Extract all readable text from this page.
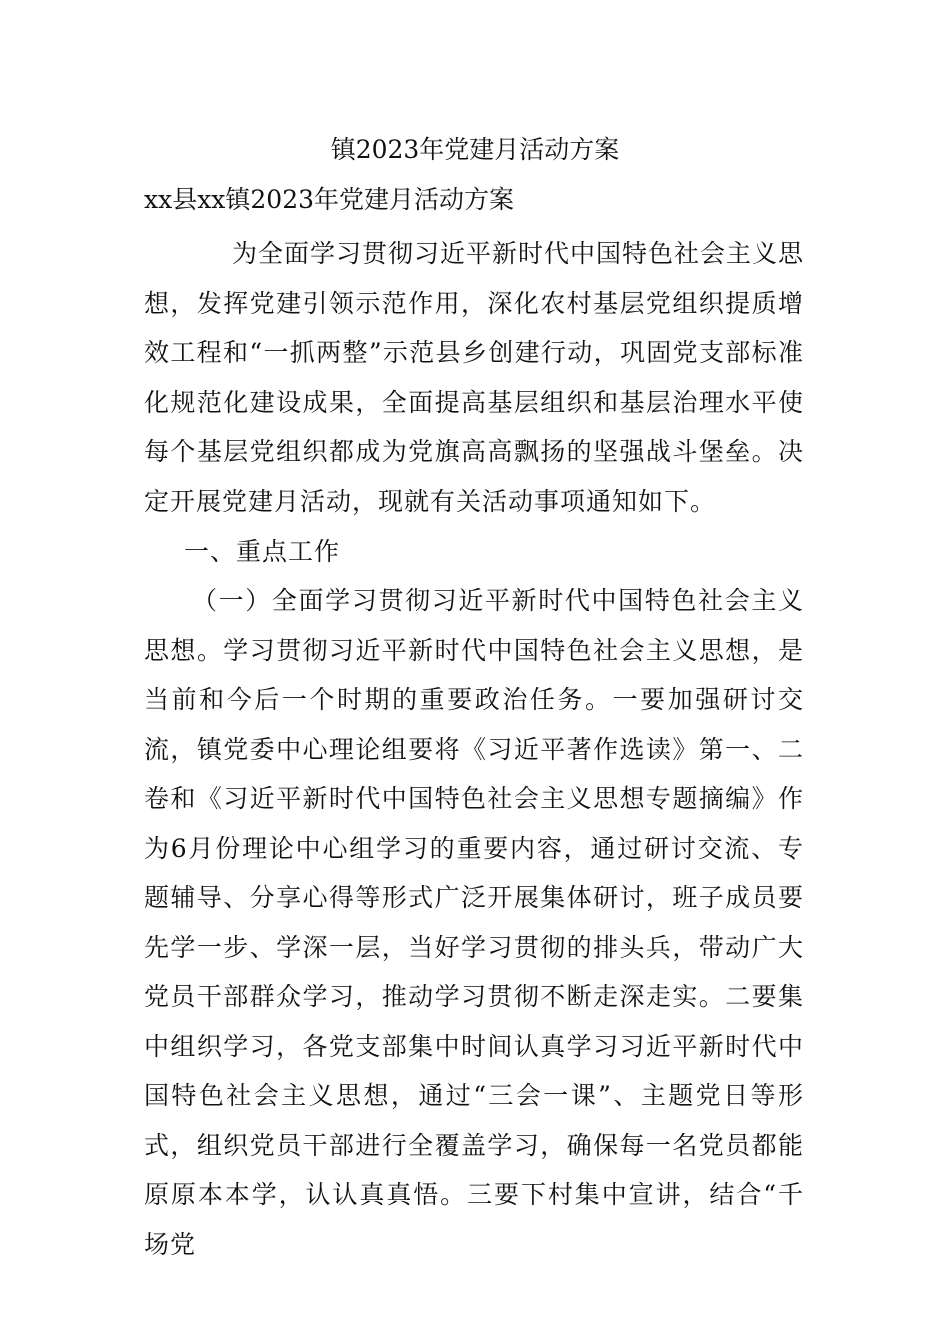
镇2023年党建月活动方案
xx县xx镇2023年党建月活动方案

为全面学习贯彻习近平新时代中国特色社会主义思想，发挥党建引领示范作用，深化农村基层党组织提质增效工程和“一抓两整”示范县乡创建行动，巩固党支部标准化规范化建设成果，全面提高基层组织和基层治理水平使每个基层党组织都成为党旗高高飘扬的坚强战斗堡垒。决定开展党建月活动，现就有关活动事项通知如下。

一、重点工作

（一）全面学习贯彻习近平新时代中国特色社会主义思想。学习贯彻习近平新时代中国特色社会主义思想，是当前和今后一个时期的重要政治任务。一要加强研讨交流，镇党委中心理论组要将《习近平著作选读》第一、二卷和《习近平新时代中国特色社会主义思想专题摘编》作为6月份理论中心组学习的重要内容，通过研讨交流、专题辅导、分享心得等形式广泛开展集体研讨，班子成员要先学一步、学深一层，当好学习贯彻的排头兵，带动广大党员干部群众学习，推动学习贯彻不断走深走实。二要集中组织学习，各党支部集中时间认真学习习近平新时代中国特色社会主义思想，通过“三会一课”、主题党日等形式，组织党员干部进行全覆盖学习，确保每一名党员都能原原本本学，认认真真悟。三要下村集中宣讲，结合“千场党
